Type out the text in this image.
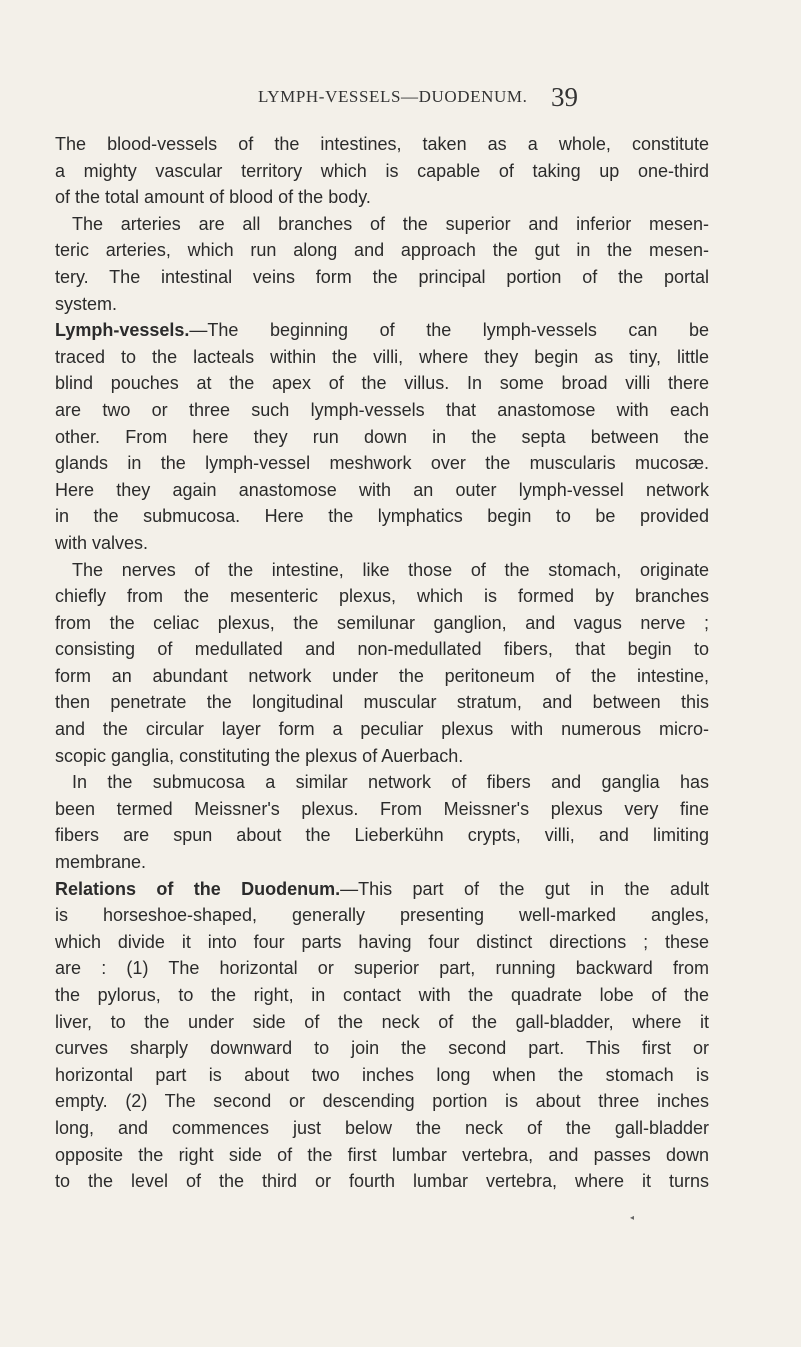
LYMPH-VESSELS—DUODENUM. 39
The blood-vessels of the intestines, taken as a whole, constitute
a mighty vascular territory which is capable of taking up one-third
of the total amount of blood of the body.
The arteries are all branches of the superior and inferior mesen-
teric arteries, which run along and approach the gut in the mesen-
tery. The intestinal veins form the principal portion of the portal
system.
Lymph-vessels.—The beginning of the lymph-vessels can be
traced to the lacteals within the villi, where they begin as tiny, little
blind pouches at the apex of the villus. In some broad villi there
are two or three such lymph-vessels that anastomose with each
other. From here they run down in the septa between the
glands in the lymph-vessel meshwork over the muscularis mucosæ.
Here they again anastomose with an outer lymph-vessel network
in the submucosa. Here the lymphatics begin to be provided
with valves.
The nerves of the intestine, like those of the stomach, originate
chiefly from the mesenteric plexus, which is formed by branches
from the celiac plexus, the semilunar ganglion, and vagus nerve ;
consisting of medullated and non-medullated fibers, that begin to
form an abundant network under the peritoneum of the intestine,
then penetrate the longitudinal muscular stratum, and between this
and the circular layer form a peculiar plexus with numerous micro-
scopic ganglia, constituting the plexus of Auerbach.
In the submucosa a similar network of fibers and ganglia has
been termed Meissner's plexus. From Meissner's plexus very fine
fibers are spun about the Lieberkühn crypts, villi, and limiting
membrane.
Relations of the Duodenum.—This part of the gut in the adult
is horseshoe-shaped, generally presenting well-marked angles,
which divide it into four parts having four distinct directions ; these
are : (1) The horizontal or superior part, running backward from
the pylorus, to the right, in contact with the quadrate lobe of the
liver, to the under side of the neck of the gall-bladder, where it
curves sharply downward to join the second part. This first or
horizontal part is about two inches long when the stomach is
empty. (2) The second or descending portion is about three inches
long, and commences just below the neck of the gall-bladder
opposite the right side of the first lumbar vertebra, and passes down
to the level of the third or fourth lumbar vertebra, where it turns
◂
